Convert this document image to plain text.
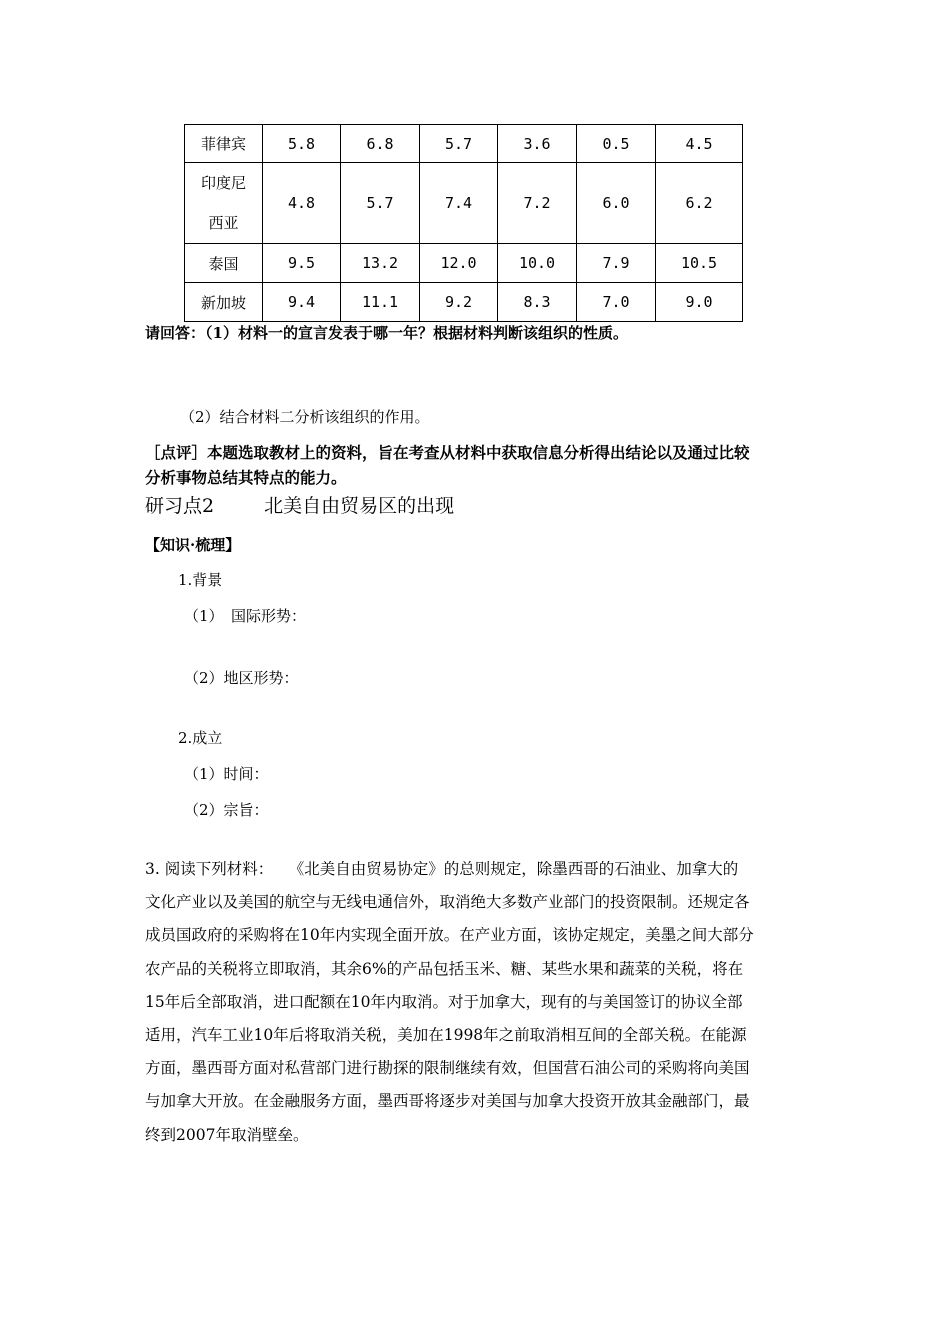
菲律宾	5.8	6.8	5.7	3.6	0.5	4.5
印度尼
西亚	4.8	5.7	7.4	7.2	6.0	6.2
泰国	9.5	13.2	12.0	10.0	7.9	10.5
新加坡	9.4	11.1	9.2	8.3	7.0	9.0
请回答：（1）材料一的宣言发表于哪一年？根据材料判断该组织的性质。
（2）结合材料二分析该组织的作用。
［点评］本题选取教材上的资料，旨在考查从材料中获取信息分析得出结论以及通过比较
分析事物总结其特点的能力。
研习点2	北美自由贸易区的出现
【知识·梳理】
1.背景
（1）　国际形势：
（2）地区形势：
2.成立
（1）时间：
（2）宗旨：
3. 阅读下列材料：　　《北美自由贸易协定》的总则规定，除墨西哥的石油业、加拿大的
文化产业以及美国的航空与无线电通信外，取消绝大多数产业部门的投资限制。还规定各
成员国政府的采购将在10年内实现全面开放。在产业方面，该协定规定，美墨之间大部分
农产品的关税将立即取消，其余6%的产品包括玉米、糖、某些水果和蔬菜的关税，将在
15年后全部取消，进口配额在10年内取消。对于加拿大，现有的与美国签订的协议全部
适用，汽车工业10年后将取消关税，美加在1998年之前取消相互间的全部关税。在能源
方面，墨西哥方面对私营部门进行勘探的限制继续有效，但国营石油公司的采购将向美国
与加拿大开放。在金融服务方面，墨西哥将逐步对美国与加拿大投资开放其金融部门，最
终到2007年取消壁垒。
